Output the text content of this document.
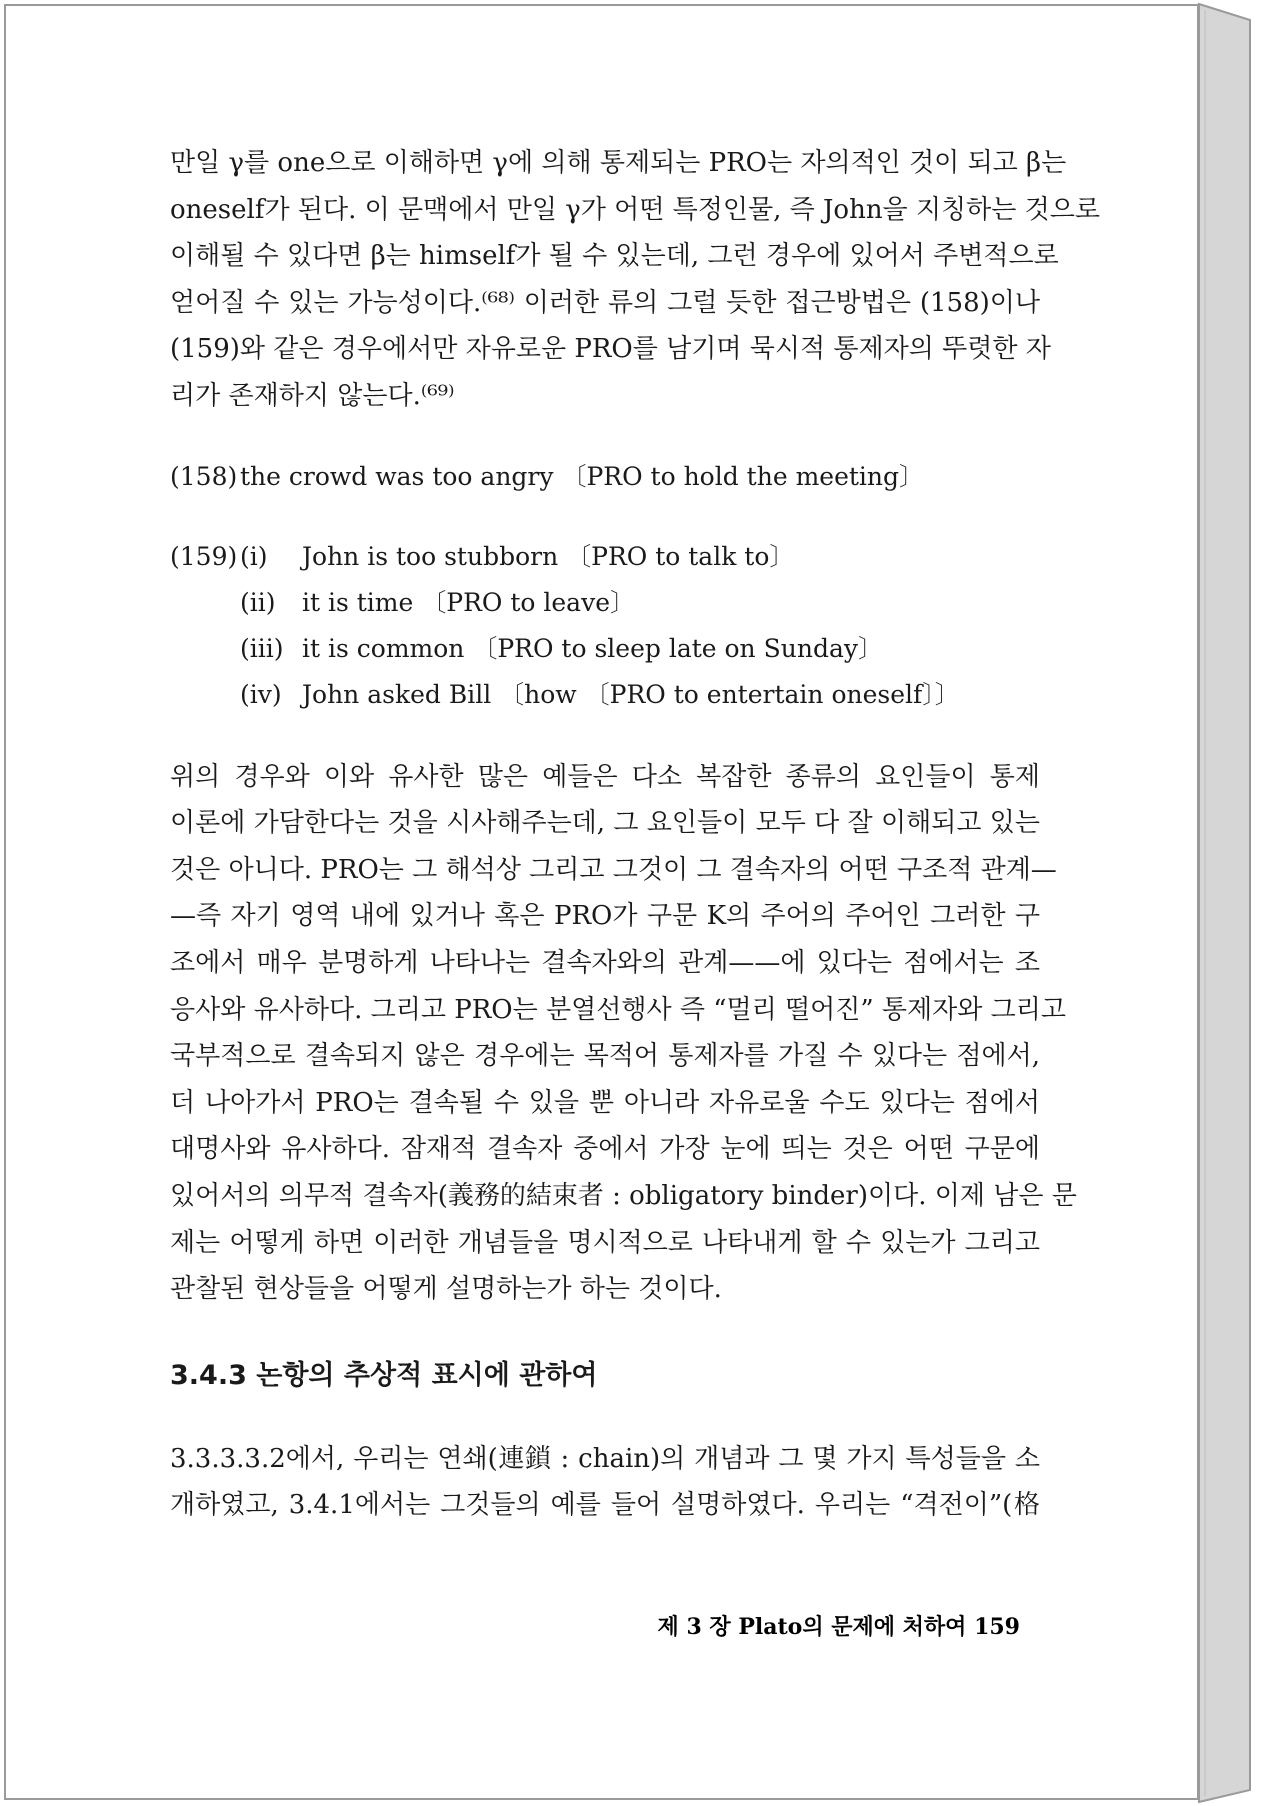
만일 γ를 one으로 이해하면 γ에 의해 통제되는 PRO는 자의적인 것이 되고 β는
oneself가 된다. 이 문맥에서 만일 γ가 어떤 특정인물, 즉 John을 지칭하는 것으로
이해될 수 있다면 β는 himself가 될 수 있는데, 그런 경우에 있어서 주변적으로
얻어질 수 있는 가능성이다.⁽⁶⁸⁾ 이러한 류의 그럴 듯한 접근방법은 (158)이나
(159)와 같은 경우에서만 자유로운 PRO를 남기며 묵시적 통제자의 뚜렷한 자
리가 존재하지 않는다.⁽⁶⁹⁾

(158) the crowd was too angry 〔PRO to hold the meeting〕

(159) (i) John is too stubborn 〔PRO to talk to〕

(ii) it is time 〔PRO to leave〕

(iii) it is common 〔PRO to sleep late on Sunday〕

(iv) John asked Bill 〔how 〔PRO to entertain oneself〕〕

위의 경우와 이와 유사한 많은 예들은 다소 복잡한 종류의 요인들이 통제
이론에 가담한다는 것을 시사해주는데, 그 요인들이 모두 다 잘 이해되고 있는
것은 아니다. PRO는 그 해석상 그리고 그것이 그 결속자의 어떤 구조적 관계—
—즉 자기 영역 내에 있거나 혹은 PRO가 구문 K의 주어의 주어인 그러한 구
조에서 매우 분명하게 나타나는 결속자와의 관계——에 있다는 점에서는 조
응사와 유사하다. 그리고 PRO는 분열선행사 즉 “멀리 떨어진” 통제자와 그리고
국부적으로 결속되지 않은 경우에는 목적어 통제자를 가질 수 있다는 점에서,
더 나아가서 PRO는 결속될 수 있을 뿐 아니라 자유로울 수도 있다는 점에서
대명사와 유사하다. 잠재적 결속자 중에서 가장 눈에 띄는 것은 어떤 구문에
있어서의 의무적 결속자(義務的結束者 : obligatory binder)이다. 이제 남은 문
제는 어떻게 하면 이러한 개념들을 명시적으로 나타내게 할 수 있는가 그리고
관찰된 현상들을 어떻게 설명하는가 하는 것이다.
3.4.3 논항의 추상적 표시에 관하여
3.3.3.3.2에서, 우리는 연쇄(連鎖 : chain)의 개념과 그 몇 가지 특성들을 소
개하였고, 3.4.1에서는 그것들의 예를 들어 설명하였다. 우리는 “격전이”(格
제 3 장 Plato의 문제에 처하여 159
